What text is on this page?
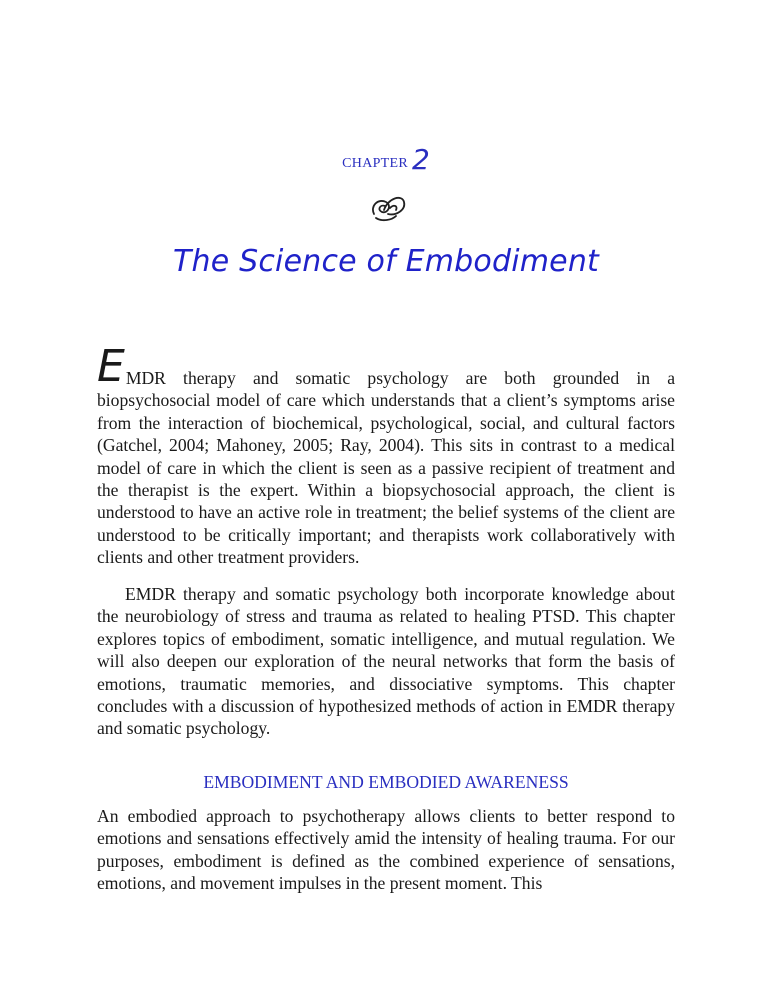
CHAPTER 2
The Science of Embodiment
E MDR therapy and somatic psychology are both grounded in a biopsychosocial model of care which understands that a client’s symptoms arise from the interaction of biochemical, psychological, social, and cultural factors (Gatchel, 2004; Mahoney, 2005; Ray, 2004). This sits in contrast to a medical model of care in which the client is seen as a passive recipient of treatment and the therapist is the expert. Within a biopsychosocial approach, the client is understood to have an active role in treatment; the belief systems of the client are understood to be critically important; and therapists work collaboratively with clients and other treatment providers.

EMDR therapy and somatic psychology both incorporate knowledge about the neurobiology of stress and trauma as related to healing PTSD. This chapter explores topics of embodiment, somatic intelligence, and mutual regulation. We will also deepen our exploration of the neural networks that form the basis of emotions, traumatic memories, and dissociative symptoms. This chapter concludes with a discussion of hypothesized methods of action in EMDR therapy and somatic psychology.
EMBODIMENT AND EMBODIED AWARENESS
An embodied approach to psychotherapy allows clients to better respond to emotions and sensations effectively amid the intensity of healing trauma. For our purposes, embodiment is defined as the combined experience of sensations, emotions, and movement impulses in the present moment. This
